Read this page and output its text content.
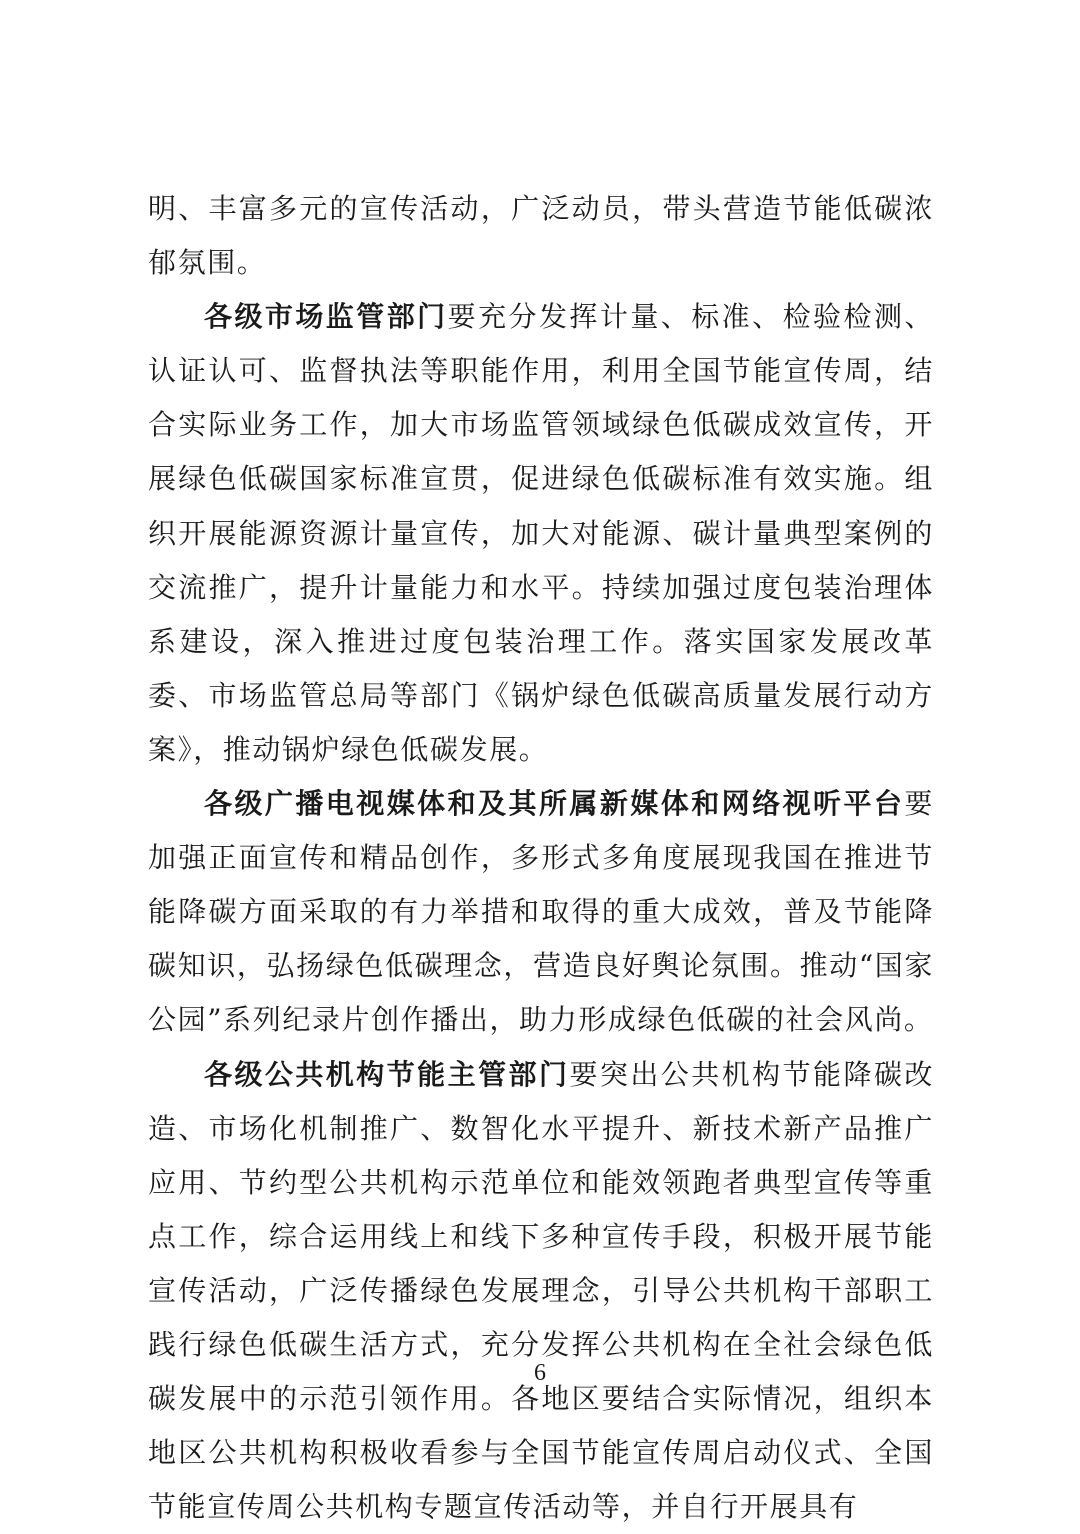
明、丰富多元的宣传活动，广泛动员，带头营造节能低碳浓郁氛围。

各级市场监管部门要充分发挥计量、标准、检验检测、认证认可、监督执法等职能作用，利用全国节能宣传周，结合实际业务工作，加大市场监管领域绿色低碳成效宣传，开展绿色低碳国家标准宣贯，促进绿色低碳标准有效实施。组织开展能源资源计量宣传，加大对能源、碳计量典型案例的交流推广，提升计量能力和水平。持续加强过度包装治理体系建设，深入推进过度包装治理工作。落实国家发展改革委、市场监管总局等部门《锅炉绿色低碳高质量发展行动方案》，推动锅炉绿色低碳发展。

各级广播电视媒体和及其所属新媒体和网络视听平台要加强正面宣传和精品创作，多形式多角度展现我国在推进节能降碳方面采取的有力举措和取得的重大成效，普及节能降碳知识，弘扬绿色低碳理念，营造良好舆论氛围。推动“国家公园”系列纪录片创作播出，助力形成绿色低碳的社会风尚。

各级公共机构节能主管部门要突出公共机构节能降碳改造、市场化机制推广、数智化水平提升、新技术新产品推广应用、节约型公共机构示范单位和能效领跑者典型宣传等重点工作，综合运用线上和线下多种宣传手段，积极开展节能宣传活动，广泛传播绿色发展理念，引导公共机构干部职工践行绿色低碳生活方式，充分发挥公共机构在全社会绿色低碳发展中的示范引领作用。各地区要结合实际情况，组织本地区公共机构积极收看参与全国节能宣传周启动仪式、全国节能宣传周公共机构专题宣传活动等，并自行开展具有

6
